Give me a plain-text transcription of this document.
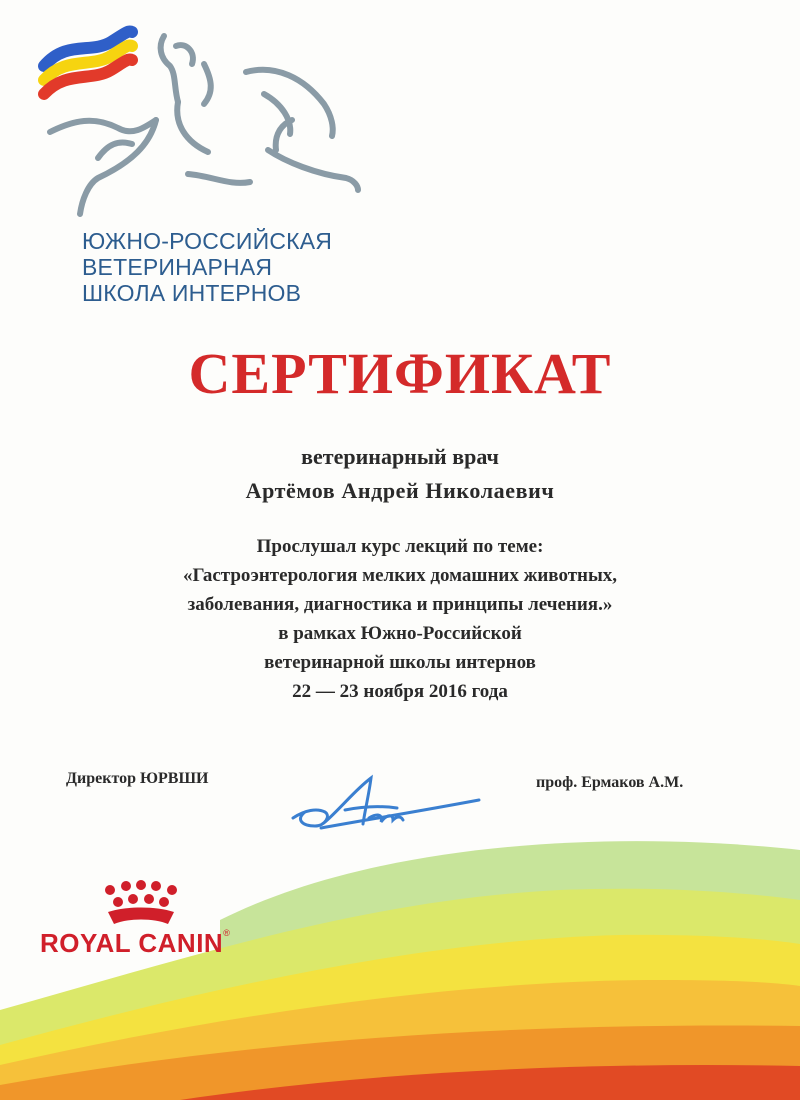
ЮЖНО-РОССИЙСКАЯ
ВЕТЕРИНАРНАЯ
ШКОЛА ИНТЕРНОВ
СЕРТИФИКАТ
ветеринарный врач
Артёмов Андрей Николаевич
Прослушал курс лекций по теме:
«Гастроэнтерология мелких домашних животных,
заболевания, диагностика и принципы лечения.»
в рамках Южно-Российской
ветеринарной школы интернов
22 — 23 ноября 2016 года
Директор ЮРВШИ	проф. Ермаков А.М.
ROYAL CANIN®
